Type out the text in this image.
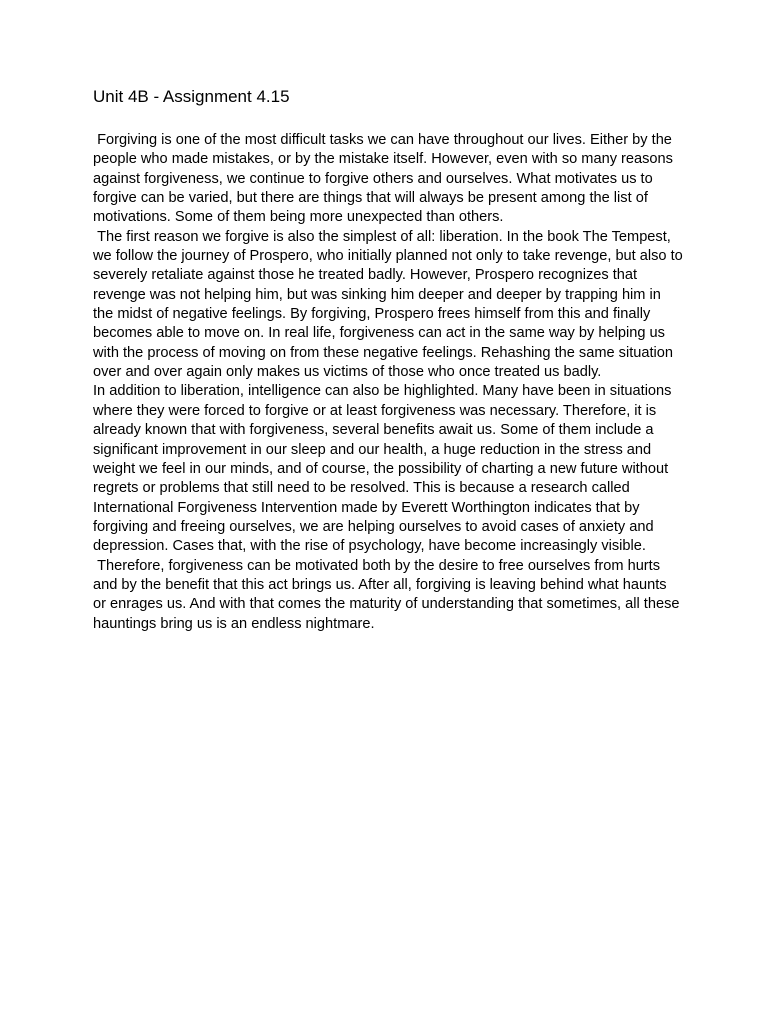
Unit 4B - Assignment 4.15

Forgiving is one of the most difficult tasks we can have throughout our lives. Either by the people who made mistakes, or by the mistake itself. However, even with so many reasons against forgiveness, we continue to forgive others and ourselves. What motivates us to forgive can be varied, but there are things that will always be present among the list of motivations. Some of them being more unexpected than others.

The first reason we forgive is also the simplest of all: liberation. In the book The Tempest, we follow the journey of Prospero, who initially planned not only to take revenge, but also to severely retaliate against those he treated badly. However, Prospero recognizes that revenge was not helping him, but was sinking him deeper and deeper by trapping him in the midst of negative feelings. By forgiving, Prospero frees himself from this and finally becomes able to move on. In real life, forgiveness can act in the same way by helping us with the process of moving on from these negative feelings. Rehashing the same situation over and over again only makes us victims of those who once treated us badly.

In addition to liberation, intelligence can also be highlighted. Many have been in situations where they were forced to forgive or at least forgiveness was necessary. Therefore, it is already known that with forgiveness, several benefits await us. Some of them include a significant improvement in our sleep and our health, a huge reduction in the stress and weight we feel in our minds, and of course, the possibility of charting a new future without regrets or problems that still need to be resolved. This is because a research called International Forgiveness Intervention made by Everett Worthington indicates that by forgiving and freeing ourselves, we are helping ourselves to avoid cases of anxiety and depression. Cases that, with the rise of psychology, have become increasingly visible.

Therefore, forgiveness can be motivated both by the desire to free ourselves from hurts and by the benefit that this act brings us. After all, forgiving is leaving behind what haunts or enrages us. And with that comes the maturity of understanding that sometimes, all these hauntings bring us is an endless nightmare.
